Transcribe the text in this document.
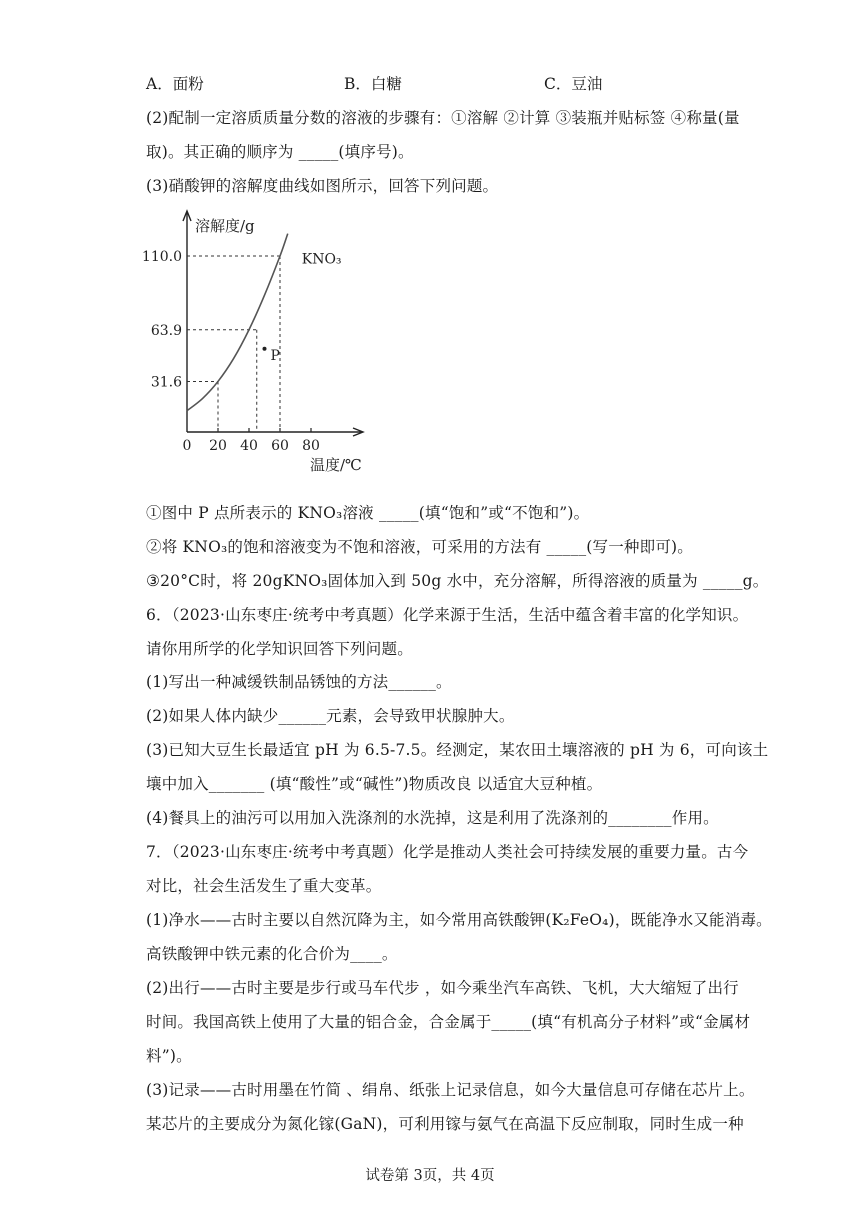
A．面粉	B．白糖	C．豆油
(2)配制一定溶质质量分数的溶液的步骤有：①溶解 ②计算 ③装瓶并贴标签 ④称量(量
取)。其正确的顺序为 _____(填序号)。
(3)硝酸钾的溶解度曲线如图所示，回答下列问题。
0 20 40 60 80
31.6
63.9
110.0
P
KNO₃
溶解度/g
温度/℃
①图中 P 点所表示的 KNO₃溶液 _____(填“饱和”或“不饱和”)。
②将 KNO₃的饱和溶液变为不饱和溶液，可采用的方法有 _____(写一种即可)。
③20°C时，将 20gKNO₃固体加入到 50g 水中，充分溶解，所得溶液的质量为 _____g。
6．（2023·山东枣庄·统考中考真题）化学来源于生活，生活中蕴含着丰富的化学知识。
请你用所学的化学知识回答下列问题。
(1)写出一种减缓铁制品锈蚀的方法______。
(2)如果人体内缺少______元素，会导致甲状腺肿大。
(3)已知大豆生长最适宜 pH 为 6.5-7.5。经测定，某农田土壤溶液的 pH 为 6，可向该土
壤中加入_______ (填“酸性”或“碱性”)物质改良 以适宜大豆种植。
(4)餐具上的油污可以用加入洗涤剂的水洗掉，这是利用了洗涤剂的________作用。
7．（2023·山东枣庄·统考中考真题）化学是推动人类社会可持续发展的重要力量。古今
对比，社会生活发生了重大变革。
(1)净水——古时主要以自然沉降为主，如今常用高铁酸钾(K₂FeO₄)，既能净水又能消毒。
高铁酸钾中铁元素的化合价为____。
(2)出行——古时主要是步行或马车代步 ，如今乘坐汽车高铁、飞机，大大缩短了出行
时间。我国高铁上使用了大量的铝合金，合金属于_____(填“有机高分子材料”或“金属材
料”)。
(3)记录——古时用墨在竹简 、绢帛、纸张上记录信息，如今大量信息可存储在芯片上。
某芯片的主要成分为氮化镓(GaN)，可利用镓与氨气在高温下反应制取，同时生成一种
试卷第 3页，共 4页
